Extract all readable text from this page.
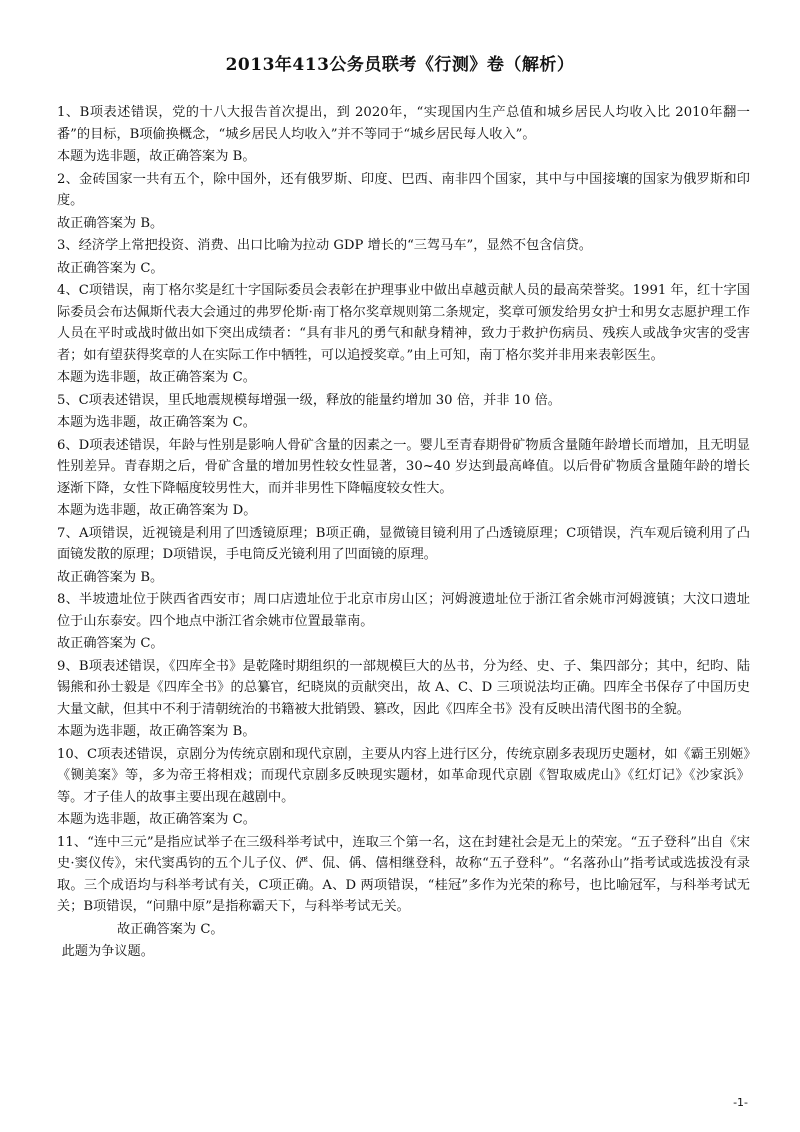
2013年413公务员联考《行测》卷（解析）

1、B项表述错误，党的十八大报告首次提出，到 2020年，“实现国内生产总值和城乡居民人均收入比 2010年翻一番”的目标，B项偷换概念，“城乡居民人均收入”并不等同于“城乡居民每人收入”。

本题为选非题，故正确答案为 B。

2、金砖国家一共有五个，除中国外，还有俄罗斯、印度、巴西、南非四个国家，其中与中国接壤的国家为俄罗斯和印度。

故正确答案为 B。

3、经济学上常把投资、消费、出口比喻为拉动 GDP 增长的“三驾马车”，显然不包含信贷。

故正确答案为 C。

4、C项错误，南丁格尔奖是红十字国际委员会表彰在护理事业中做出卓越贡献人员的最高荣誉奖。1991 年，红十字国际委员会布达佩斯代表大会通过的弗罗伦斯·南丁格尔奖章规则第二条规定，奖章可颁发给男女护士和男女志愿护理工作人员在平时或战时做出如下突出成绩者：“具有非凡的勇气和献身精神，致力于救护伤病员、残疾人或战争灾害的受害者；如有望获得奖章的人在实际工作中牺牲，可以追授奖章。”由上可知，南丁格尔奖并非用来表彰医生。

本题为选非题，故正确答案为 C。

5、C项表述错误，里氏地震规模每增强一级，释放的能量约增加 30 倍，并非 10 倍。

本题为选非题，故正确答案为 C。

6、D项表述错误，年龄与性别是影响人骨矿含量的因素之一。婴儿至青春期骨矿物质含量随年龄增长而增加，且无明显性别差异。青春期之后，骨矿含量的增加男性较女性显著，30~40 岁达到最高峰值。以后骨矿物质含量随年龄的增长逐渐下降，女性下降幅度较男性大，而并非男性下降幅度较女性大。

本题为选非题，故正确答案为 D。

7、A项错误，近视镜是利用了凹透镜原理；B项正确，显微镜目镜利用了凸透镜原理；C项错误，汽车观后镜利用了凸面镜发散的原理；D项错误，手电筒反光镜利用了凹面镜的原理。

故正确答案为 B。

8、半坡遗址位于陕西省西安市；周口店遗址位于北京市房山区；河姆渡遗址位于浙江省余姚市河姆渡镇；大汶口遗址位于山东泰安。四个地点中浙江省余姚市位置最靠南。

故正确答案为 C。

9、B项表述错误，《四库全书》是乾隆时期组织的一部规模巨大的丛书，分为经、史、子、集四部分；其中，纪昀、陆锡熊和孙士毅是《四库全书》的总纂官，纪晓岚的贡献突出，故 A、C、D 三项说法均正确。四库全书保存了中国历史大量文献，但其中不利于清朝统治的书籍被大批销毁、篡改，因此《四库全书》没有反映出清代图书的全貌。

本题为选非题，故正确答案为 B。

10、C项表述错误，京剧分为传统京剧和现代京剧，主要从内容上进行区分，传统京剧多表现历史题材，如《霸王别姬》《铡美案》等，多为帝王将相戏；而现代京剧多反映现实题材，如革命现代京剧《智取威虎山》《红灯记》《沙家浜》等。才子佳人的故事主要出现在越剧中。

本题为选非题，故正确答案为 C。

11、“连中三元”是指应试举子在三级科举考试中，连取三个第一名，这在封建社会是无上的荣宠。“五子登科”出自《宋史·窦仪传》，宋代窦禹钧的五个儿子仪、俨、侃、偁、僖相继登科，故称“五子登科”。“名落孙山”指考试或选拔没有录取。三个成语均与科举考试有关，C项正确。A、D 两项错误，“桂冠”多作为光荣的称号，也比喻冠军，与科举考试无关；B项错误，“问鼎中原”是指称霸天下，与科举考试无关。

故正确答案为 C。

此题为争议题。

-1-
